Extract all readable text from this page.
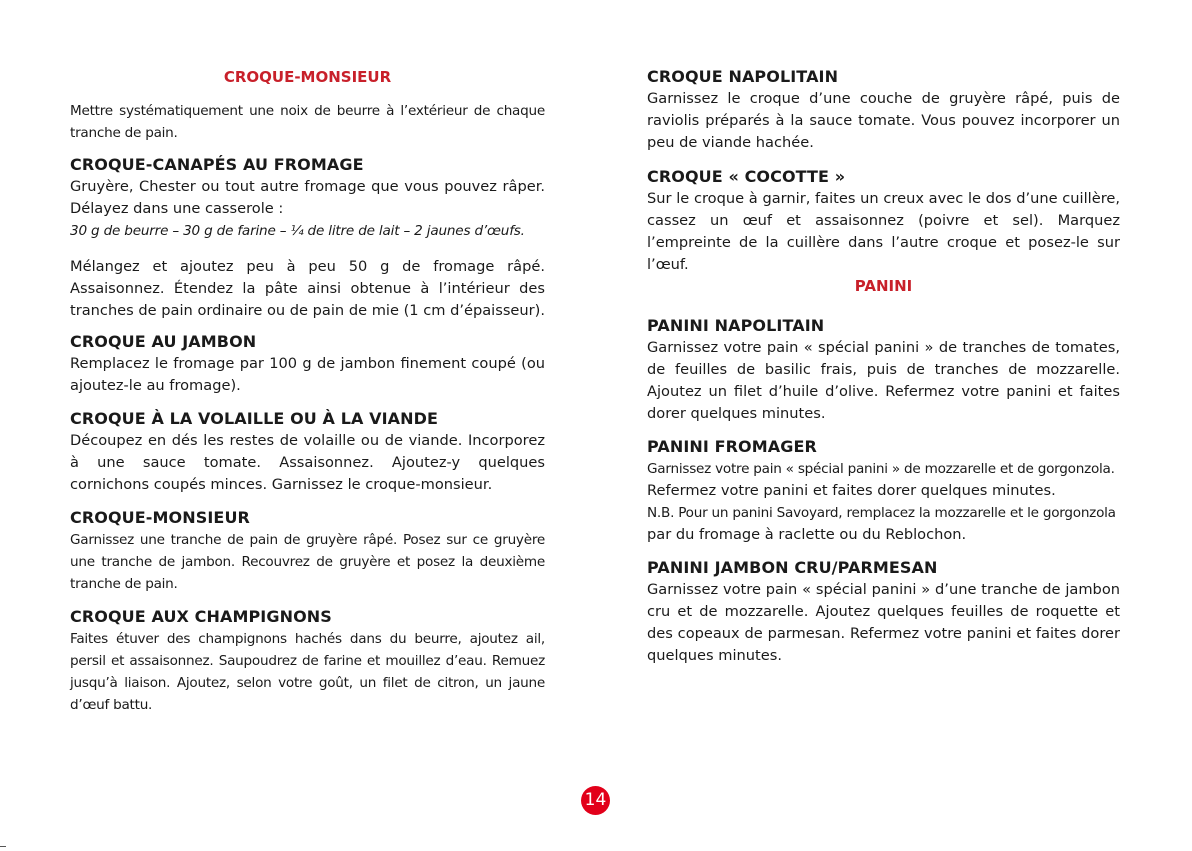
CROQUE-MONSIEUR

Mettre systématiquement une noix de beurre à l’extérieur de chaque tranche de pain.

CROQUE-CANAPÉS AU FROMAGE

Gruyère, Chester ou tout autre fromage que vous pouvez râper. Délayez dans une casserole :

30 g de beurre – 30 g de farine – ¼ de litre de lait – 2 jaunes d’œufs.

Mélangez et ajoutez peu à peu 50 g de fromage râpé. Assaisonnez. Étendez la pâte ainsi obtenue à l’intérieur des tranches de pain ordinaire ou de pain de mie (1 cm d’épaisseur).

CROQUE AU JAMBON

Remplacez le fromage par 100 g de jambon finement coupé (ou ajoutez-le au fromage).

CROQUE À LA VOLAILLE OU À LA VIANDE

Découpez en dés les restes de volaille ou de viande. Incorporez à une sauce tomate. Assaisonnez. Ajoutez-y quelques cornichons coupés minces. Garnissez le croque-monsieur.

CROQUE-MONSIEUR

Garnissez une tranche de pain de gruyère râpé. Posez sur ce gruyère une tranche de jambon. Recouvrez de gruyère et posez la deuxième tranche de pain.

CROQUE AUX CHAMPIGNONS

Faites étuver des champignons hachés dans du beurre, ajoutez ail, persil et assaisonnez. Saupoudrez de farine et mouillez d’eau. Remuez jusqu’à liaison. Ajoutez, selon votre goût, un filet de citron, un jaune d’œuf battu.

CROQUE NAPOLITAIN

Garnissez le croque d’une couche de gruyère râpé, puis de raviolis préparés à la sauce tomate. Vous pouvez incorporer un peu de viande hachée.

CROQUE « COCOTTE »

Sur le croque à garnir, faites un creux avec le dos d’une cuillère, cassez un œuf et assaisonnez (poivre et sel). Marquez l’empreinte de la cuillère dans l’autre croque et posez-le sur l’œuf.

PANINI

PANINI NAPOLITAIN

Garnissez votre pain « spécial panini » de tranches de tomates, de feuilles de basilic frais, puis de tranches de mozzarelle. Ajoutez un filet d’huile d’olive. Refermez votre panini et faites dorer quelques minutes.

PANINI FROMAGER

Garnissez votre pain « spécial panini » de mozzarelle et de gorgonzola.

Refermez votre panini et faites dorer quelques minutes.

N.B. Pour un panini Savoyard, remplacez la mozzarelle et le gorgonzola

par du fromage à raclette ou du Reblochon.

PANINI JAMBON CRU/PARMESAN

Garnissez votre pain « spécial panini » d’une tranche de jambon cru et de mozzarelle. Ajoutez quelques feuilles de roquette et des copeaux de parmesan. Refermez votre panini et faites dorer quelques minutes.

14
